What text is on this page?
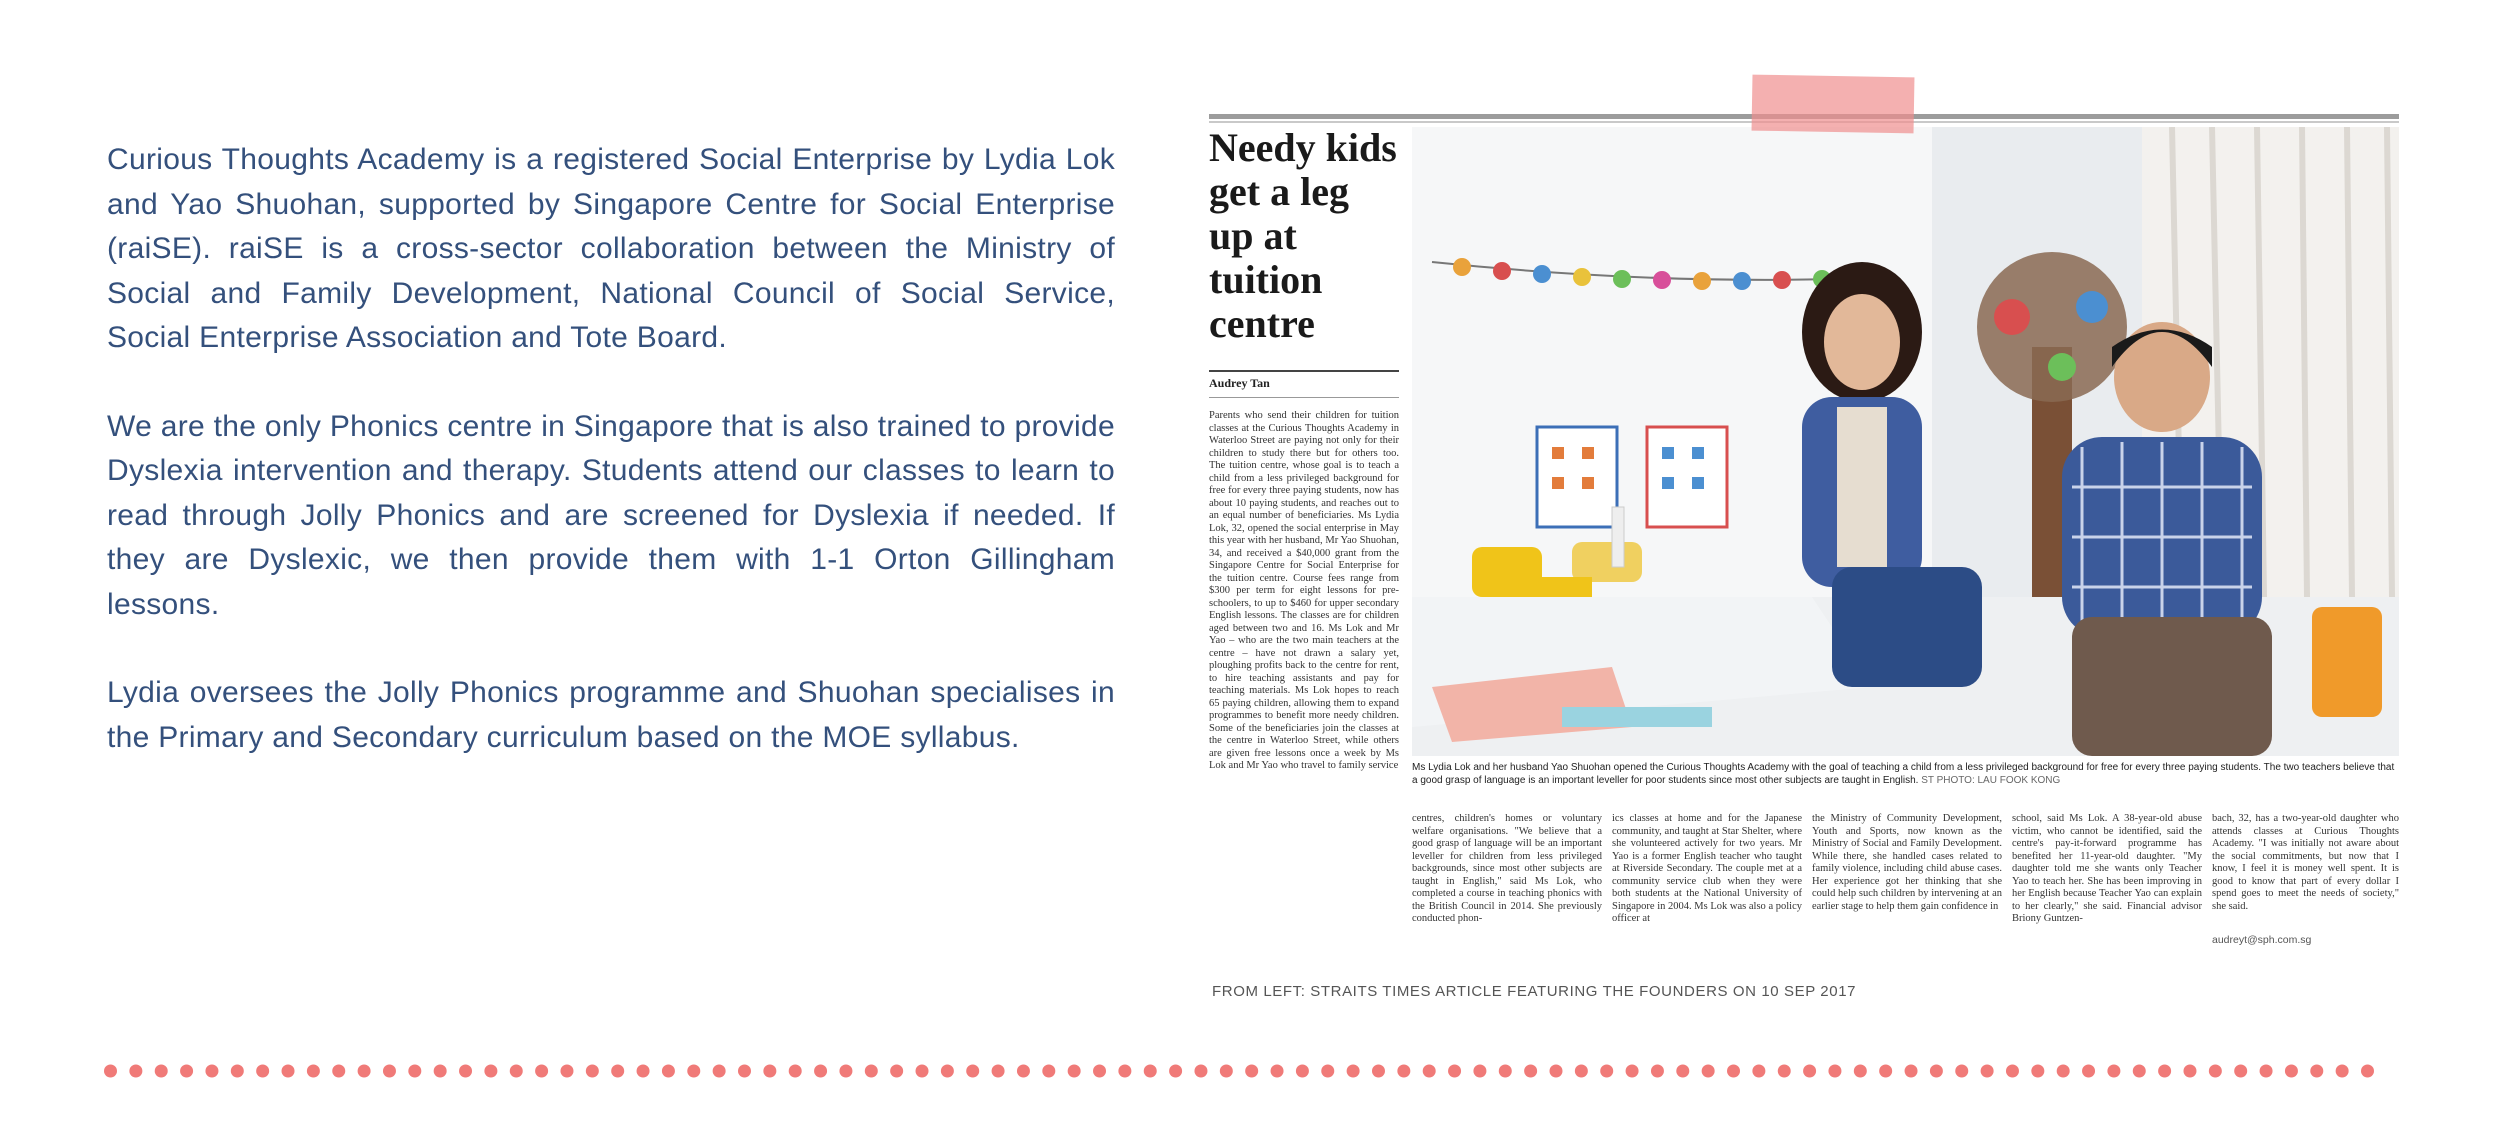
Curious Thoughts Academy is a registered Social Enterprise by Lydia Lok and Yao Shuohan, supported by Singapore Centre for Social Enterprise (raiSE). raiSE is a cross-sector collaboration between the Ministry of Social and Family Development, National Council of Social Service, Social Enterprise Association and Tote Board.

We are the only Phonics centre in Singapore that is also trained to provide Dyslexia intervention and therapy. Students attend our classes to learn to read through Jolly Phonics and are screened for Dyslexia if needed. If they are Dyslexic, we then provide them with 1-1 Orton Gillingham lessons.

Lydia oversees the Jolly Phonics programme and Shuohan specialises in the Primary and Secondary curriculum based on the MOE syllabus.

Needy kids get a leg up at tuition centre
Audrey Tan
Parents who send their children for tuition classes at the Curious Thoughts Academy in Waterloo Street are paying not only for their children to study there but for others too. The tuition centre, whose goal is to teach a child from a less privileged background for free for every three paying students, now has about 10 paying students, and reaches out to an equal number of beneficiaries. Ms Lydia Lok, 32, opened the social enterprise in May this year with her husband, Mr Yao Shuohan, 34, and received a $40,000 grant from the Singapore Centre for Social Enterprise for the tuition centre. Course fees range from $300 per term for eight lessons for pre-schoolers, to up to $460 for upper secondary English lessons. The classes are for children aged between two and 16. Ms Lok and Mr Yao – who are the two main teachers at the centre – have not drawn a salary yet, ploughing profits back to the centre for rent, to hire teaching assistants and pay for teaching materials. Ms Lok hopes to reach 65 paying children, allowing them to expand programmes to benefit more needy children. Some of the beneficiaries join the classes at the centre in Waterloo Street, while others are given free lessons once a week by Ms Lok and Mr Yao who travel to family service
centres, children's homes or voluntary welfare organisations. "We believe that a good grasp of language will be an important leveller for children from less privileged backgrounds, since most other subjects are taught in English," said Ms Lok, who completed a course in teaching phonics with the British Council in 2014. She previously conducted phon-
ics classes at home and for the Japanese community, and taught at Star Shelter, where she volunteered actively for two years. Mr Yao is a former English teacher who taught at Riverside Secondary. The couple met at a community service club when they were both students at the National University of Singapore in 2004. Ms Lok was also a policy officer at
the Ministry of Community Development, Youth and Sports, now known as the Ministry of Social and Family Development. While there, she handled cases related to family violence, including child abuse cases. Her experience got her thinking that she could help such children by intervening at an earlier stage to help them gain confidence in
school, said Ms Lok. A 38-year-old abuse victim, who cannot be identified, said the centre's pay-it-forward programme has benefited her 11-year-old daughter. "My daughter told me she wants only Teacher Yao to teach her. She has been improving in her English because Teacher Yao can explain to her clearly," she said. Financial advisor Briony Guntzen-
bach, 32, has a two-year-old daughter who attends classes at Curious Thoughts Academy. "I was initially not aware about the social commitments, but now that I know, I feel it is money well spent. It is good to know that part of every dollar I spend goes to meet the needs of society," she said.
audreyt@sph.com.sg
Ms Lydia Lok and her husband Yao Shuohan opened the Curious Thoughts Academy with the goal of teaching a child from a less privileged background for free for every three paying students. The two teachers believe that a good grasp of language is an important leveller for poor students since most other subjects are taught in English. ST PHOTO: LAU FOOK KONG
FROM LEFT: STRAITS TIMES ARTICLE FEATURING THE FOUNDERS ON 10 SEP 2017
